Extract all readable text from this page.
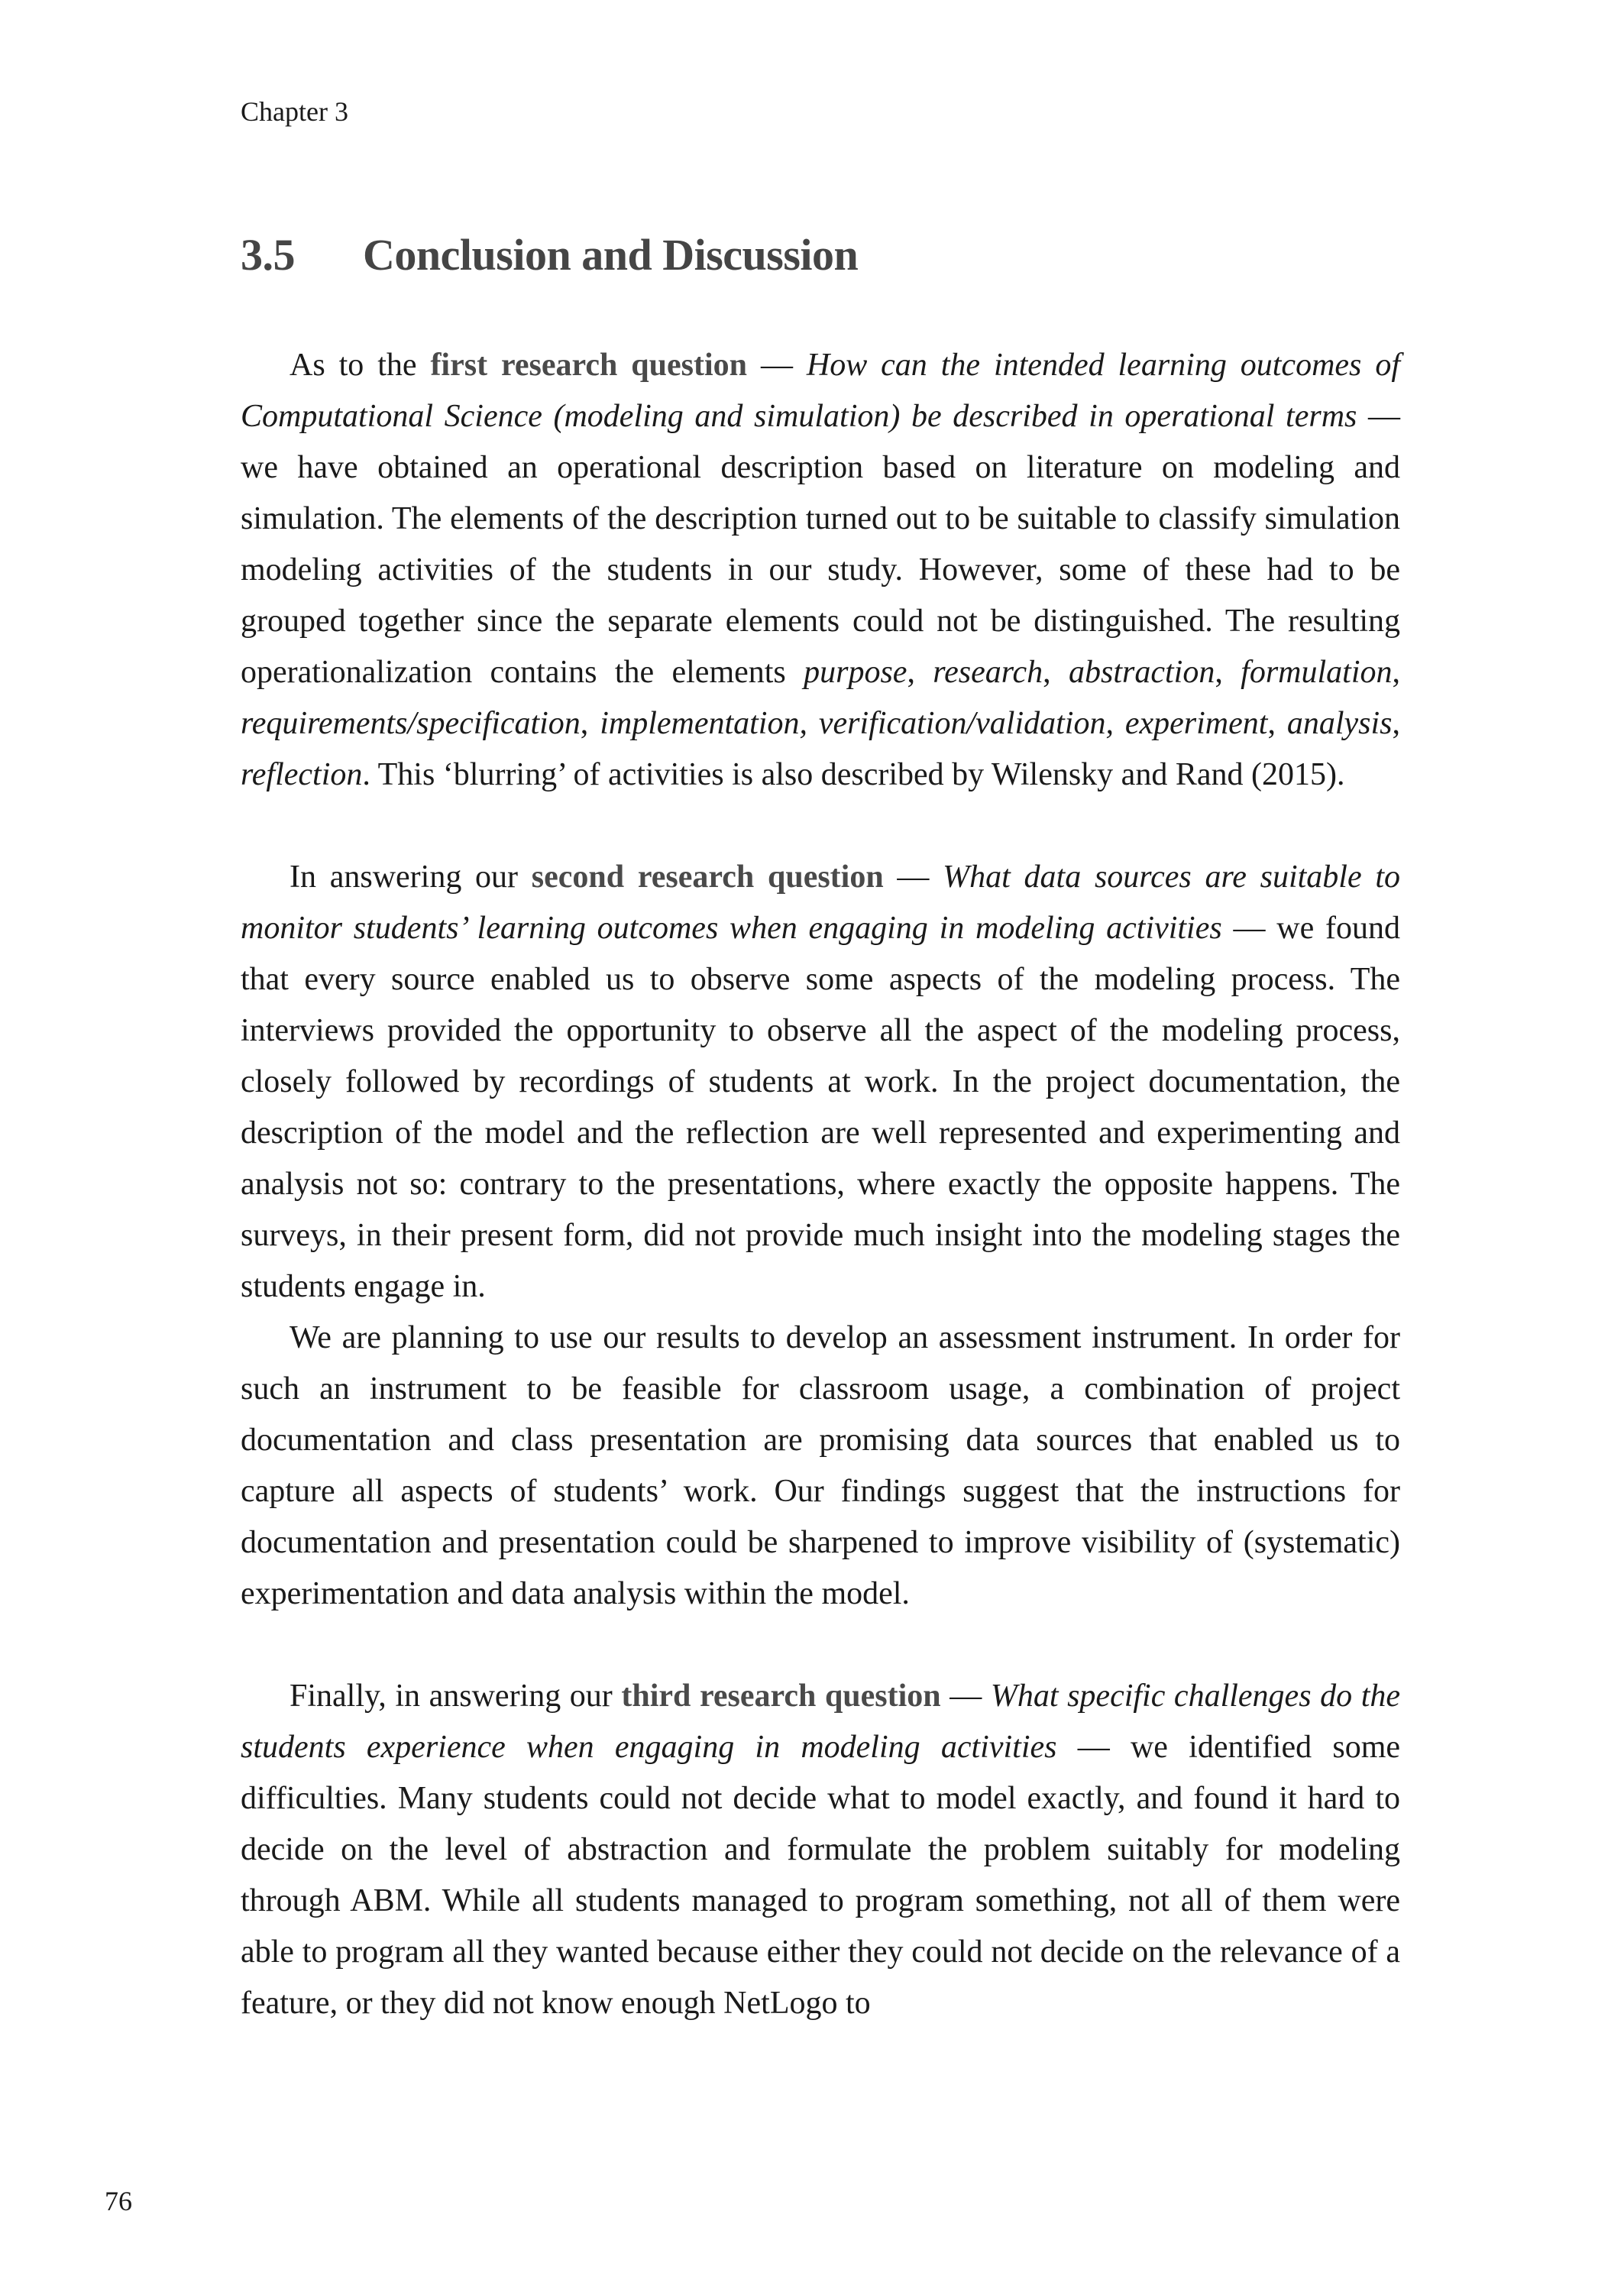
Chapter 3
3.5 Conclusion and Discussion

As to the first research question — How can the intended learning outcomes of Computational Science (modeling and simulation) be described in operational terms — we have obtained an operational description based on literature on modeling and simulation. The elements of the description turned out to be suitable to classify simulation modeling activities of the students in our study. However, some of these had to be grouped together since the separate elements could not be distinguished. The resulting operationalization contains the elements purpose, research, abstraction, formulation, requirements/specification, implementation, verification/validation, experiment, analysis, reflection. This ‘blurring’ of activities is also described by Wilensky and Rand (2015).

In answering our second research question — What data sources are suitable to monitor students’ learning outcomes when engaging in modeling activities — we found that every source enabled us to observe some aspects of the modeling process. The interviews provided the opportunity to observe all the aspect of the modeling process, closely followed by recordings of students at work. In the project documentation, the description of the model and the reflection are well represented and experimenting and analysis not so: contrary to the presentations, where exactly the opposite happens. The surveys, in their present form, did not provide much insight into the modeling stages the students engage in.

We are planning to use our results to develop an assessment instrument. In order for such an instrument to be feasible for classroom usage, a combination of project documentation and class presentation are promising data sources that enabled us to capture all aspects of students’ work. Our findings suggest that the instructions for documentation and presentation could be sharpened to improve visibility of (systematic) experimentation and data analysis within the model.

Finally, in answering our third research question — What specific challenges do the students experience when engaging in modeling activities — we identified some difficulties. Many students could not decide what to model exactly, and found it hard to decide on the level of abstraction and formulate the problem suitably for modeling through ABM. While all students managed to program something, not all of them were able to program all they wanted because either they could not decide on the relevance of a feature, or they did not know enough NetLogo to

76
